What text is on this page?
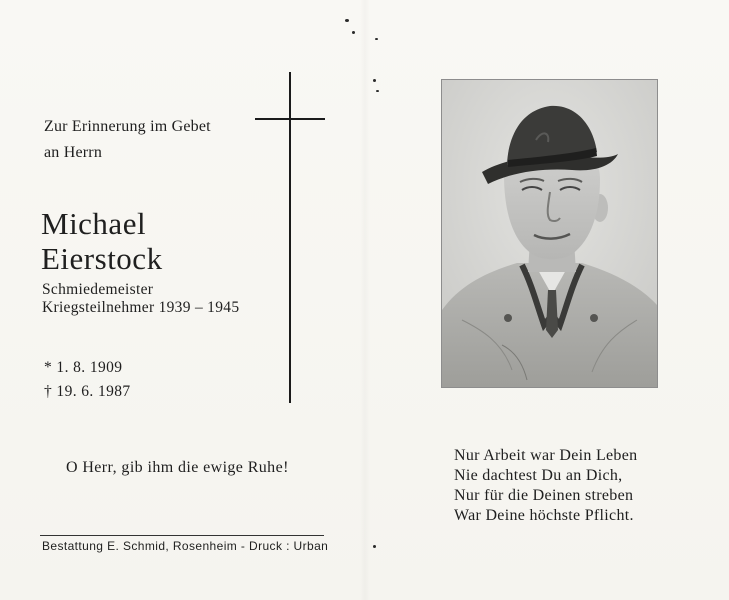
Zur Erinnerung im Gebet
an Herrn
Michael
Eierstock
Schmiedemeister
Kriegsteilnehmer 1939 – 1945
* 1. 8. 1909
† 19. 6. 1987
O Herr, gib ihm die ewige Ruhe!
Bestattung E. Schmid, Rosenheim - Druck : Urban
Nur Arbeit war Dein Leben
Nie dachtest Du an Dich,
Nur für die Deinen streben
War Deine höchste Pflicht.
